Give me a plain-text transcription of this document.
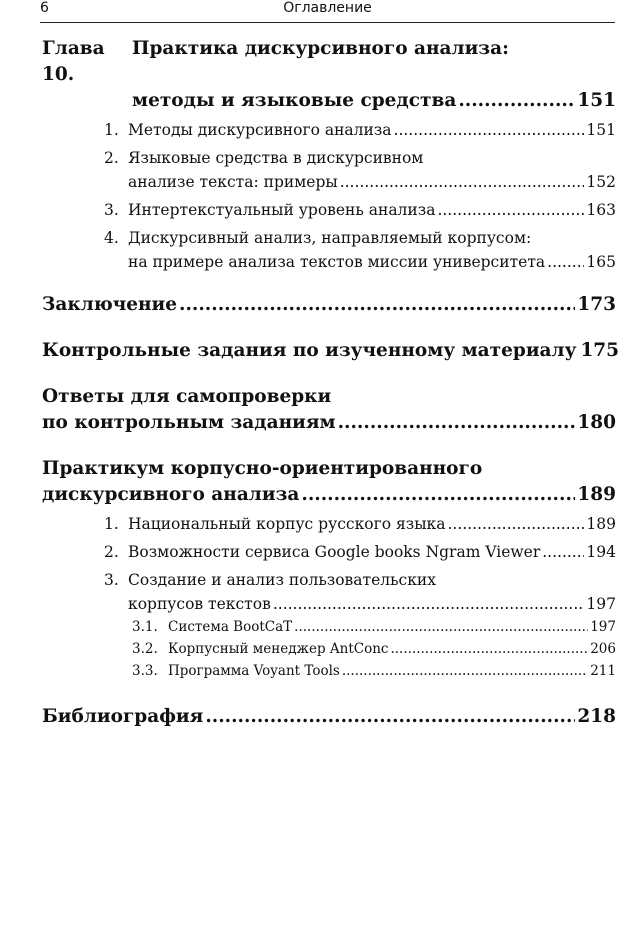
6	Оглавление
Глава 10.
Практика дискурсивного анализа:
методы и языковые средства .....	151
1. Методы дискурсивного анализа .....	151
2. Языковые средства в дискурсивном
анализе текста: примеры .....	152
3. Интертекстуальный уровень анализа .....	163
4. Дискурсивный анализ, направляемый корпусом:
на примере анализа текстов миссии университета .....	165
Заключение .....	173
Контрольные задания по изученному материалу 175
Ответы для самопроверки
по контрольным заданиям .....	180
Практикум корпусно-ориентированного
дискурсивного анализа .....	189
1. Национальный корпус русского языка .....	189
2. Возможности сервиса Google books Ngram Viewer .....	194
3. Создание и анализ пользовательских
корпусов текстов .....	197
3.1. Система BootCaT .....	197
3.2. Корпусный менеджер AntConc .....	206
3.3. Программа Voyant Tools .....	211
Библиография .....	218
